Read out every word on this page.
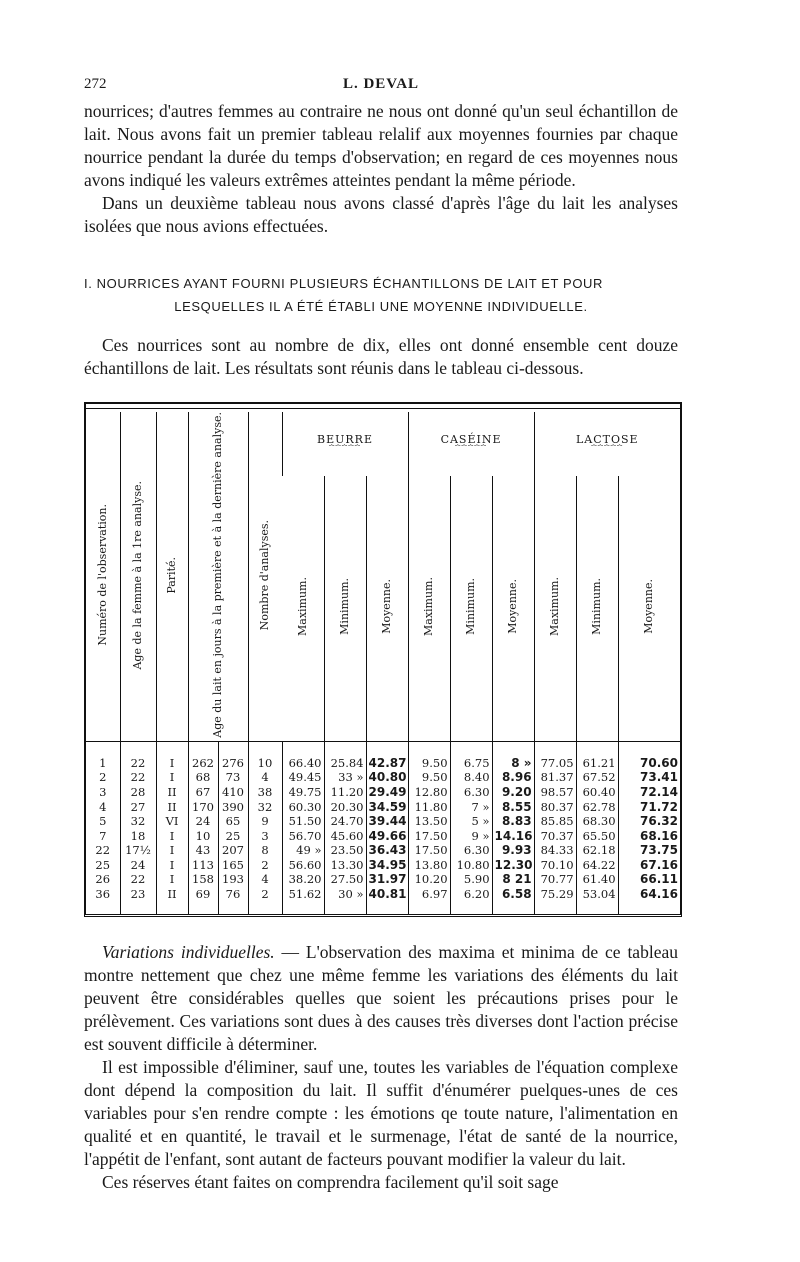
272	L. DEVAL

nourrices; d'autres femmes au contraire ne nous ont donné qu'un seul échantillon de lait. Nous avons fait un premier tableau relalif aux moyennes fournies par chaque nourrice pendant la durée du temps d'observation; en regard de ces moyennes nous avons indiqué les valeurs extrêmes atteintes pendant la même période.

Dans un deuxième tableau nous avons classé d'après l'âge du lait les analyses isolées que nous avions effectuées.

I. NOURRICES AYANT FOURNI PLUSIEURS ÉCHANTILLONS DE LAIT ET POUR
LESQUELLES IL A ÉTÉ ÉTABLI UNE MOYENNE INDIVIDUELLE.

Ces nourrices sont au nombre de dix, elles ont donné ensemble cent douze échantillons de lait. Les résultats sont réunis dans le tableau ci-dessous.

Numéro de l'observation.	Age de la femme à la 1re analyse.	Parité.	Age du lait en jours à la première et à la dernière analyse.		Nombre d'analyses.	BEURRE
⏞⏞⏞⏞⏞			CASÉINE
⏞⏞⏞⏞⏞			LACTOSE
⏞⏞⏞⏞⏞		

						Maximum.	Minimum.	Moyenne.	Maximum.	Minimum.	Moyenne.	Maximum.	Minimum.	Moyenne.

1	22	I	262	276	10	66.40	25.84	42.87	9.50	6.75	8 »	77.05	61.21	70.60
2	22	I	68	73	4	49.45	33 »	40.80	9.50	8.40	8.96	81.37	67.52	73.41
3	28	II	67	410	38	49.75	11.20	29.49	12.80	6.30	9.20	98.57	60.40	72.14
4	27	II	170	390	32	60.30	20.30	34.59	11.80	7 »	8.55	80.37	62.78	71.72
5	32	VI	24	65	9	51.50	24.70	39.44	13.50	5 »	8.83	85.85	68.30	76.32
7	18	I	10	25	3	56.70	45.60	49.66	17.50	9 »	14.16	70.37	65.50	68.16
22	17½	I	43	207	8	49 »	23.50	36.43	17.50	6.30	9.93	84.33	62.18	73.75
25	24	I	113	165	2	56.60	13.30	34.95	13.80	10.80	12.30	70.10	64.22	67.16
26	22	I	158	193	4	38.20	27.50	31.97	10.20	5.90	8 21	70.77	61.40	66.11
36	23	II	69	76	2	51.62	30 »	40.81	6.97	6.20	6.58	75.29	53.04	64.16

Variations individuelles. — L'observation des maxima et minima de ce tableau montre nettement que chez une même femme les variations des éléments du lait peuvent être considérables quelles que soient les précautions prises pour le prélèvement. Ces variations sont dues à des causes très diverses dont l'action précise est souvent difficile à déterminer.

Il est impossible d'éliminer, sauf une, toutes les variables de l'équation complexe dont dépend la composition du lait. Il suffit d'énumérer puelques-unes de ces variables pour s'en rendre compte : les émotions qe toute nature, l'alimentation en qualité et en quantité, le travail et le surmenage, l'état de santé de la nourrice, l'appétit de l'enfant, sont autant de facteurs pouvant modifier la valeur du lait.

Ces réserves étant faites on comprendra facilement qu'il soit sage
